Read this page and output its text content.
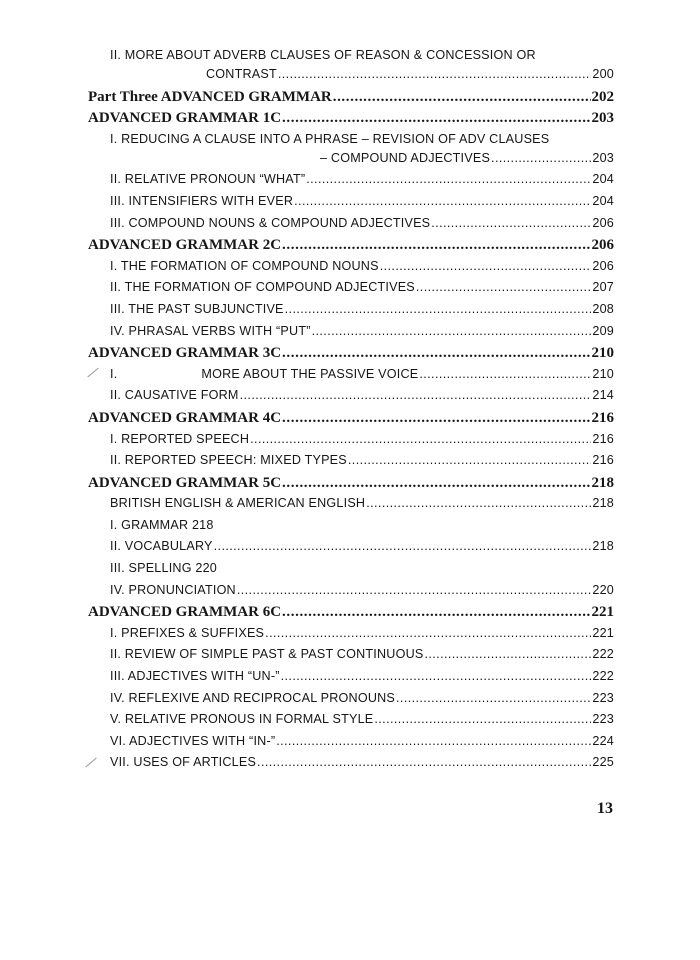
II. MORE ABOUT ADVERB CLAUSES OF REASON & CONCESSION OR
CONTRAST .....	200
Part Three ADVANCED GRAMMAR .....	202
ADVANCED GRAMMAR 1C .....	203
I. REDUCING A CLAUSE INTO A PHRASE – REVISION OF ADV CLAUSES
– COMPOUND ADJECTIVES .....	203
II. RELATIVE PRONOUN “WHAT” .....	204
III. INTENSIFIERS WITH EVER .....	204
III. COMPOUND NOUNS & COMPOUND ADJECTIVES .....	206
ADVANCED GRAMMAR 2C .....	206
I. THE FORMATION OF COMPOUND NOUNS .....	206
II. THE FORMATION OF COMPOUND ADJECTIVES .....	207
III. THE PAST SUBJUNCTIVE .....	208
IV. PHRASAL VERBS WITH “PUT” .....	209
ADVANCED GRAMMAR 3C .....	210
I.	MORE ABOUT THE PASSIVE VOICE .....	210
II. CAUSATIVE FORM .....	214
ADVANCED GRAMMAR 4C .....	216
I. REPORTED SPEECH .....	216
II. REPORTED SPEECH: MIXED TYPES .....	216
ADVANCED GRAMMAR 5C .....	218
BRITISH ENGLISH & AMERICAN ENGLISH .....	218
I. GRAMMAR 218
II. VOCABULARY .....	218
III. SPELLING 220
IV. PRONUNCIATION .....	220
ADVANCED GRAMMAR 6C .....	221
I. PREFIXES & SUFFIXES .....	221
II. REVIEW OF SIMPLE PAST & PAST CONTINUOUS .....	222
III. ADJECTIVES WITH “UN-” .....	222
IV. REFLEXIVE AND RECIPROCAL PRONOUNS .....	223
V. RELATIVE PRONOUS IN FORMAL STYLE .....	223
VI. ADJECTIVES WITH “IN-” .....	224
VII. USES OF ARTICLES .....	225
13
